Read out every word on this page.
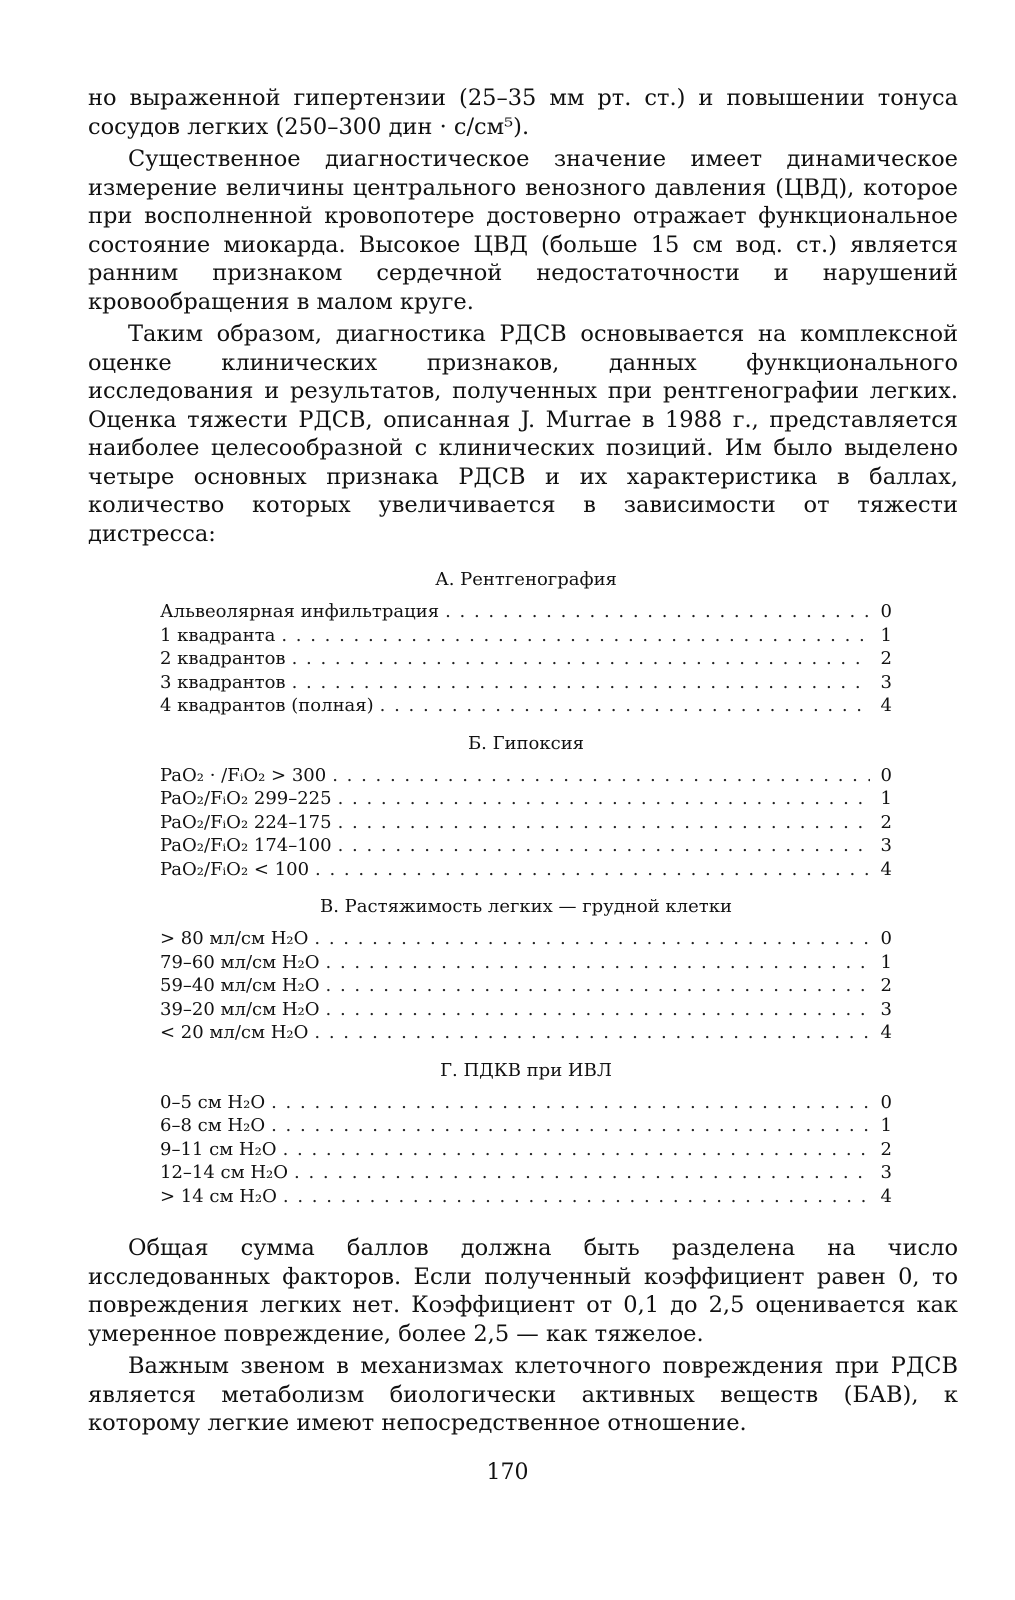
но выраженной гипертензии (25–35 мм рт. ст.) и повышении тонуса сосудов легких (250–300 дин · с/см⁵).

Существенное диагностическое значение имеет динамическое измерение величины центрального венозного давления (ЦВД), которое при восполненной кровопотере достоверно отражает функциональное состояние миокарда. Высокое ЦВД (больше 15 см вод. ст.) является ранним признаком сердечной недостаточности и нарушений кровообращения в малом круге.

Таким образом, диагностика РДСВ основывается на комплексной оценке клинических признаков, данных функционального исследования и результатов, полученных при рентгенографии легких. Оценка тяжести РДСВ, описанная J. Murrae в 1988 г., представляется наиболее целесообразной с клинических позиций. Им было выделено четыре основных признака РДСВ и их характеристика в баллах, количество которых увеличивается в зависимости от тяжести дистресса:

А. Рентгенография
Альвеолярная инфильтрация . . .	0
1 квадранта . . .	1
2 квадрантов . . .	2
3 квадрантов . . .	3
4 квадрантов (полная) . . .	4
Б. Гипоксия
PaO₂ · /FᵢO₂ > 300 . . .	0
PaO₂/FᵢO₂ 299–225 . . .	1
PaO₂/FᵢO₂ 224–175 . . .	2
PaO₂/FᵢO₂ 174–100 . . .	3
PaO₂/FᵢO₂ < 100 . . .	4
В. Растяжимость легких — грудной клетки
> 80 мл/см H₂O . . .	0
79–60 мл/см H₂O . . .	1
59–40 мл/см H₂O . . .	2
39–20 мл/см H₂O . . .	3
< 20 мл/см H₂O . . .	4
Г. ПДКВ при ИВЛ
0–5 см H₂O . . .	0
6–8 см H₂O . . .	1
9–11 см H₂O . . .	2
12–14 см H₂O . . .	3
> 14 см H₂O . . .	4

Общая сумма баллов должна быть разделена на число исследованных факторов. Если полученный коэффициент равен 0, то повреждения легких нет. Коэффициент от 0,1 до 2,5 оценивается как умеренное повреждение, более 2,5 — как тяжелое.

Важным звеном в механизмах клеточного повреждения при РДСВ является метаболизм биологически активных веществ (БАВ), к которому легкие имеют непосредственное отношение.

170
